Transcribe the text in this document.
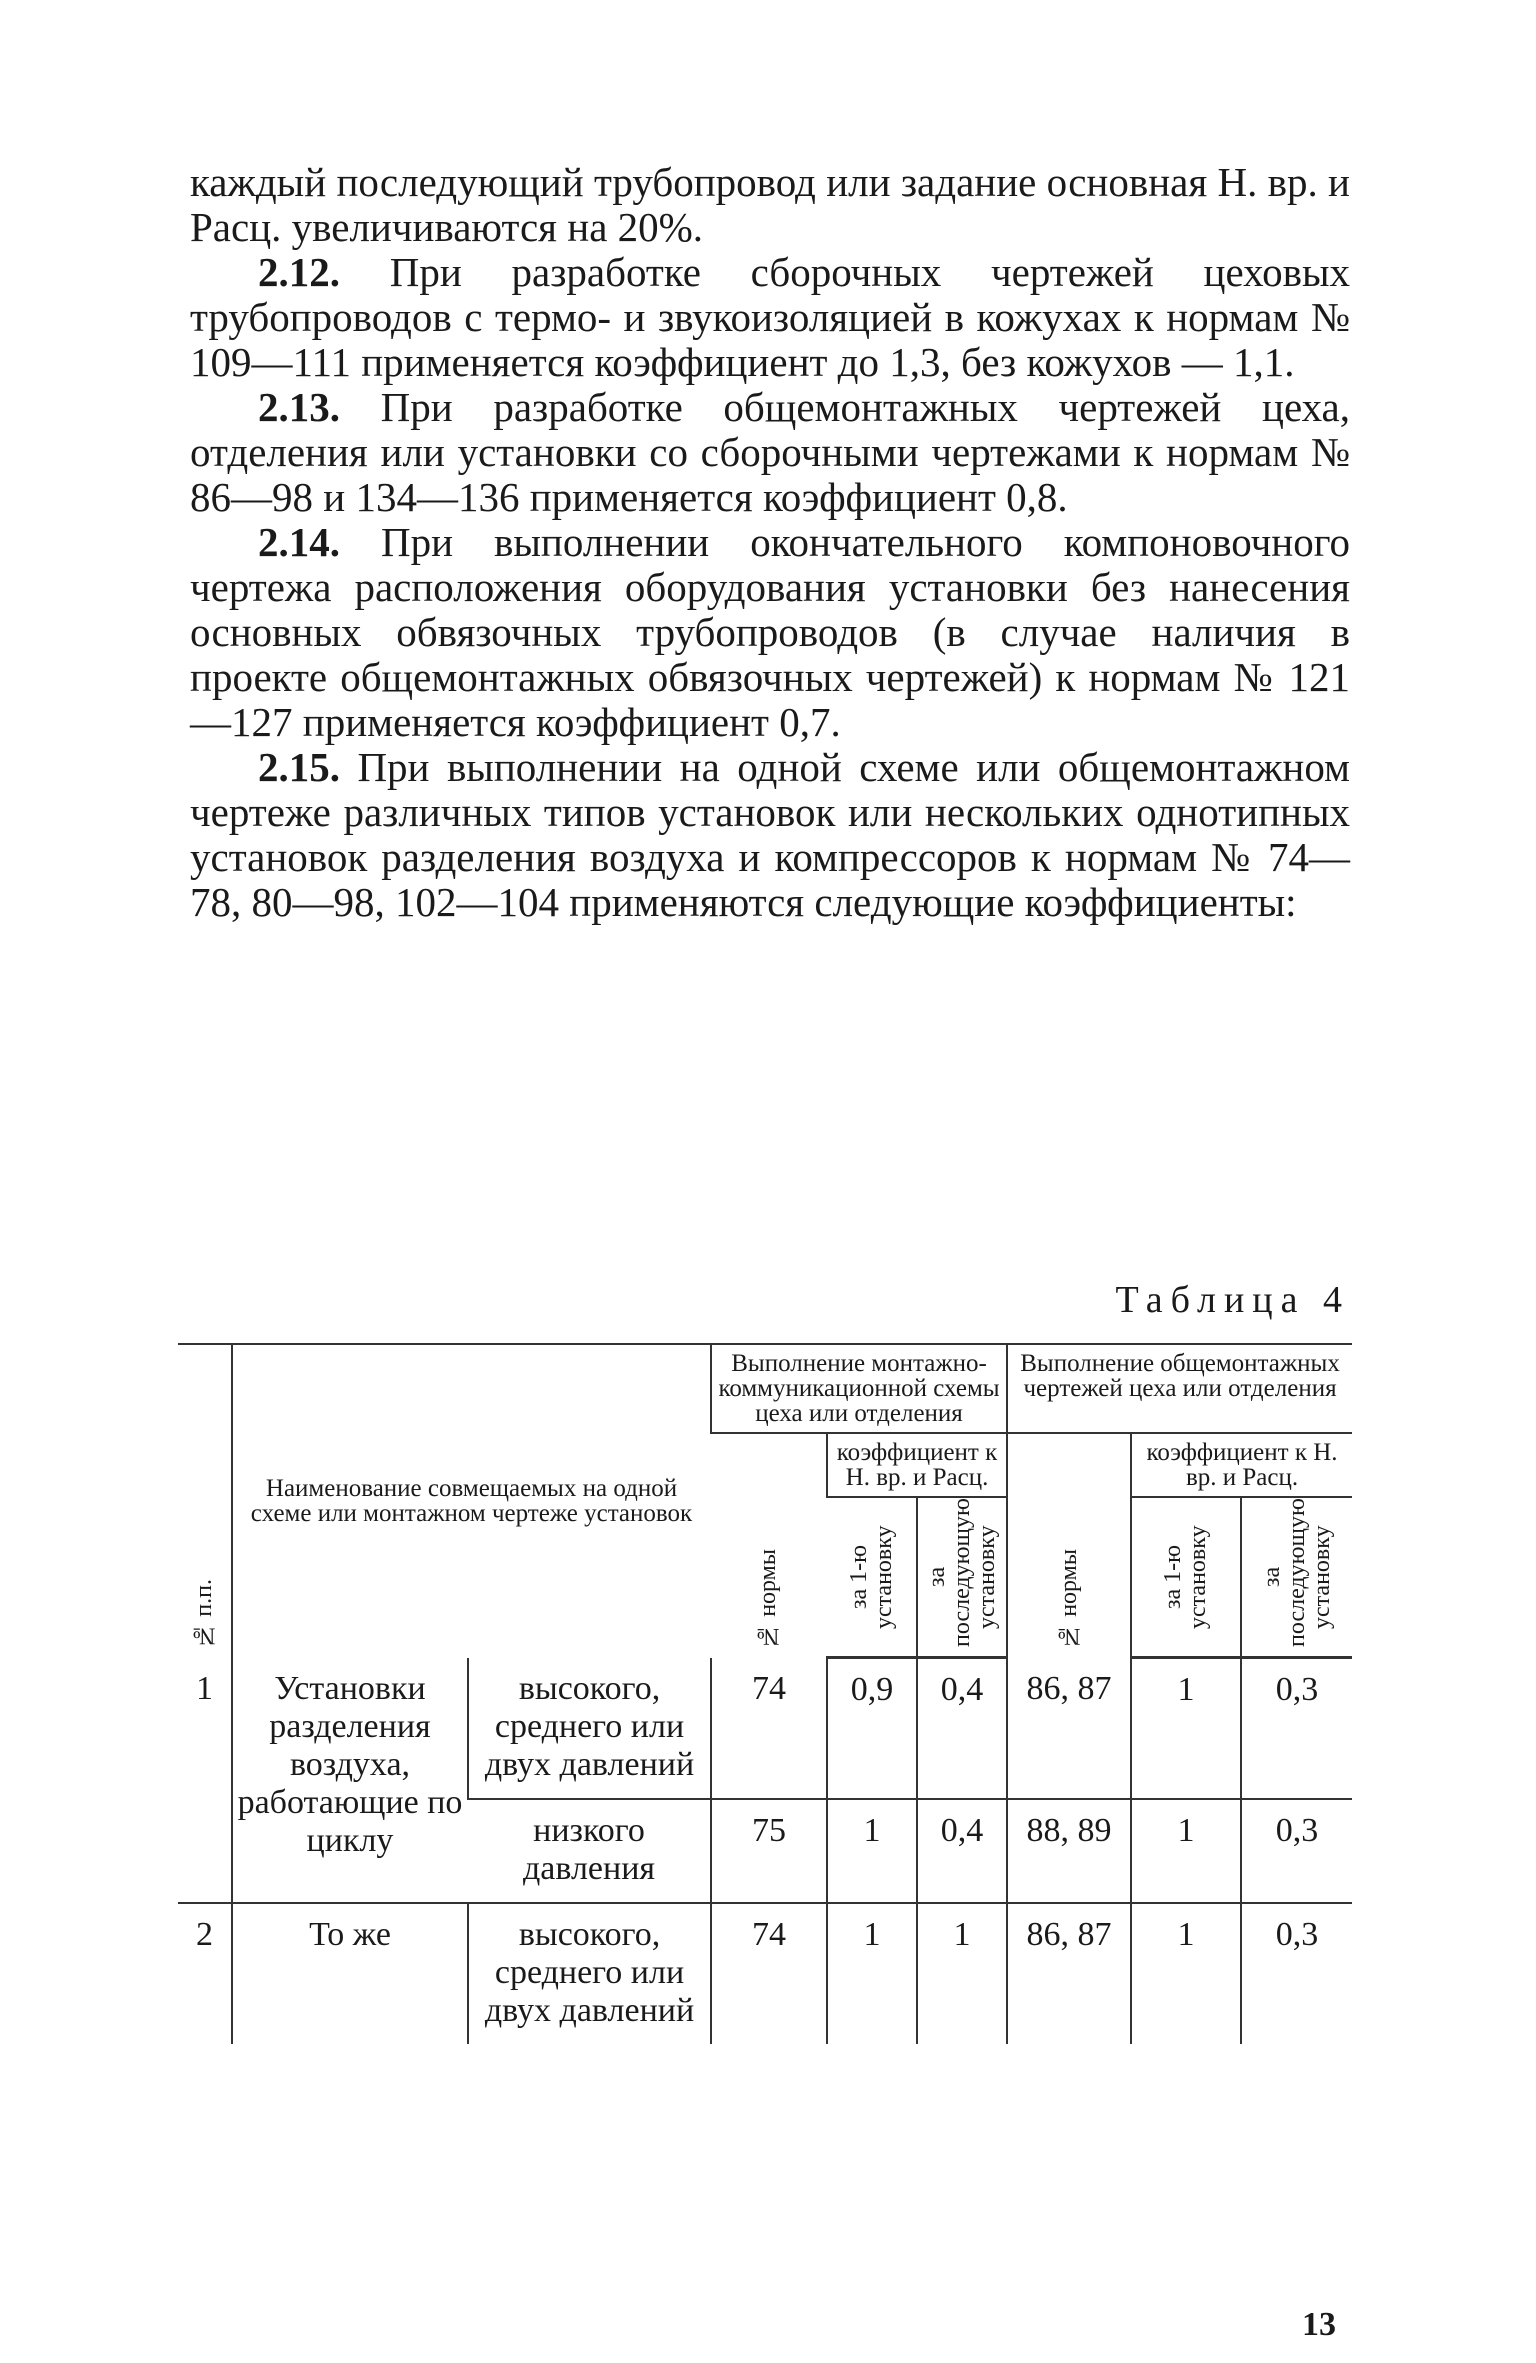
каждый последующий трубопровод или задание основная Н. вр. и Расц. увеличиваются на 20%.

2.12. При разработке сборочных чертежей цеховых трубопроводов с термо- и звукоизоляцией в кожухах к нормам № 109—111 применяется коэффициент до 1,3, без кожухов — 1,1.

2.13. При разработке общемонтажных чертежей цеха, отделения или установки со сборочными чертежами к нормам № 86—98 и 134—136 применяется коэффициент 0,8.

2.14. При выполнении окончательного компоновочного чертежа расположения оборудования установки без нанесения основных обвязочных трубопроводов (в случае наличия в проекте общемонтажных обвязочных чертежей) к нормам № 121—127 применяется коэффициент 0,7.

2.15. При выполнении на одной схеме или общемонтажном чертеже различных типов установок или нескольких однотипных установок разделения воздуха и компрессоров к нормам № 74—78, 80—98, 102—104 применяются следующие коэффициенты:

Таблица 4
№ п.п.	Наименование совмещаемых на одной схеме или монтажном чертеже установок		Выполнение монтажно-коммуникационной схемы цеха или отделения			Выполнение общемонтажных чертежей цеха или отделения		
			№ нормы	коэффициент к Н. вр. и Расц.		№ нормы	коэффициент к Н. вр. и Расц.	
				за 1-ю установку	за последующую установку		за 1-ю установку	за последующую установку
1	Установки разделения воздуха, работающие по циклу	высокого, среднего или двух давлений	74	0,9	0,4	86, 87	1	0,3
		низкого давления	75	1	0,4	88, 89	1	0,3
2	То же	высокого, среднего или двух давлений	74	1	1	86, 87	1	0,3
13
